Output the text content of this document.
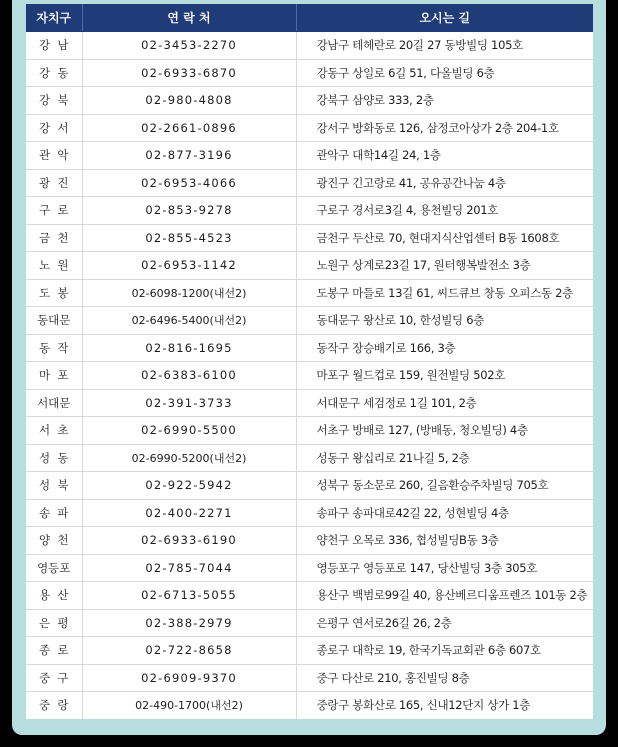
자치구	연 락 처	오시는 길
강  남	02-3453-2270	강남구 테헤란로 20길 27 동방빌딩 105호
강  동	02-6933-6870	강동구 상일로 6길 51, 다올빌딩 6층
강  북	02-980-4808	강북구 삼양로 333, 2층
강  서	02-2661-0896	강서구 방화동로 126, 삼정코아상가 2층 204-1호
관  악	02-877-3196	관악구 대학14길 24, 1층
광  진	02-6953-4066	광진구 긴고랑로 41, 공유공간나눔 4층
구  로	02-853-9278	구로구 경서로3길 4, 용천빌딩 201호
금  천	02-855-4523	금천구 두산로 70, 현대지식산업센터 B동 1608호
노  원	02-6953-1142	노원구 상계로23길 17, 원터행복발전소 3층
도  봉	02-6098-1200(내선2)	도봉구 마들로 13길 61, 씨드큐브 창동 오피스동 2층
동대문	02-6496-5400(내선2)	동대문구 왕산로 10, 한성빌딩 6층
동  작	02-816-1695	동작구 장승배기로 166, 3층
마  포	02-6383-6100	마포구 월드컵로 159, 원전빌딩 502호
서대문	02-391-3733	서대문구 세검정로 1길 101, 2층
서  초	02-6990-5500	서초구 방배로 127, (방배동, 청오빌딩) 4층
성  동	02-6990-5200(내선2)	성동구 왕십리로 21나길 5, 2층
성  북	02-922-5942	성북구 동소문로 260, 길음환승주차빌딩 705호
송  파	02-400-2271	송파구 송파대로42길 22, 성현빌딩 4층
양  천	02-6933-6190	양천구 오목로 336, 협성빌딩B동 3층
영등포	02-785-7044	영등포구 영등포로 147, 당산빌딩 3층 305호
용  산	02-6713-5055	용산구 백범로99길 40, 용산베르디움프렌즈 101동 2층
은  평	02-388-2979	은평구 연서로26길 26, 2층
종  로	02-722-8658	종로구 대학로 19, 한국기독교회관 6층 607호
중  구	02-6909-9370	중구 다산로 210, 홍진빌딩 8층
중  랑	02-490-1700(내선2)	중랑구 봉화산로 165, 신내12단지 상가 1층
